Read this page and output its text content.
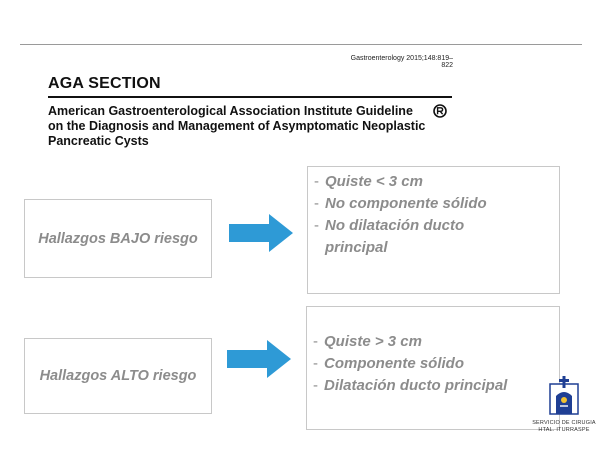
Gastroenterology 2015;148:819–822
AGA SECTION
American Gastroenterological Association Institute Guideline on the Diagnosis and Management of Asymptomatic Neoplastic Pancreatic Cysts
Hallazgos BAJO riesgo
- Quiste < 3 cm
- No componente sólido
- No dilatación ducto principal
Hallazgos ALTO riesgo
- Quiste > 3 cm
- Componente sólido
- Dilatación ducto principal
SERVICIO DE CIRUGIA
HTAL. ITURRASPE
